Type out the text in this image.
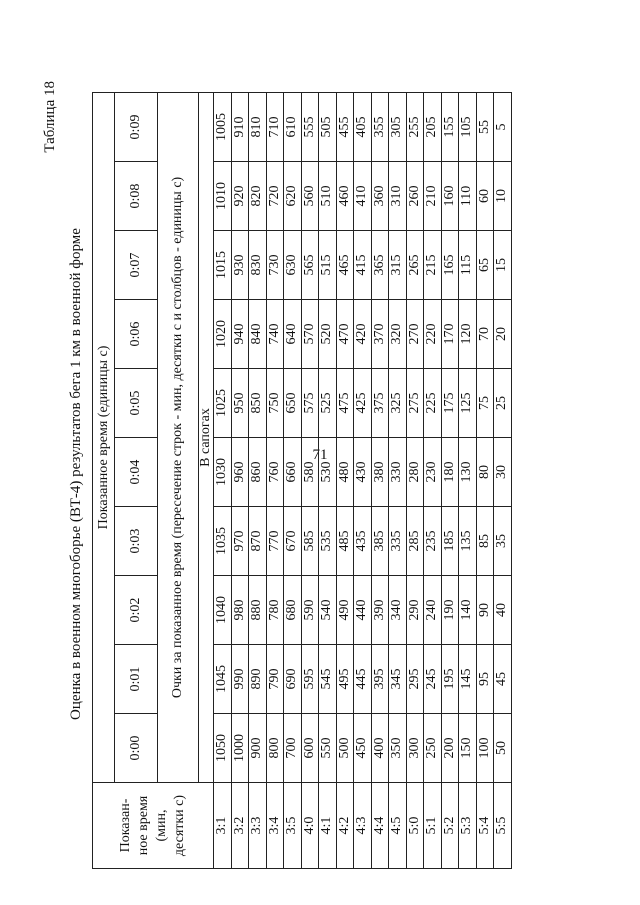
71
Таблица 18
Оценка в военном многоборье (ВТ-4) результатов бега 1 км в военной форме
Показан- ное время (мин, десятки с)	Показанное время (единицы с)									
	0:00	0:01	0:02	0:03	0:04	0:05	0:06	0:07	0:08	0:09
	Очки за показанное время (пересечение строк - мин, десятки с и столбцов - единицы с)									
	В сапогах									
3:1	1050	1045	1040	1035	1030	1025	1020	1015	1010	1005
3:2	1000	990	980	970	960	950	940	930	920	910
3:3	900	890	880	870	860	850	840	830	820	810
3:4	800	790	780	770	760	750	740	730	720	710
3:5	700	690	680	670	660	650	640	630	620	610
4:0	600	595	590	585	580	575	570	565	560	555
4:1	550	545	540	535	530	525	520	515	510	505
4:2	500	495	490	485	480	475	470	465	460	455
4:3	450	445	440	435	430	425	420	415	410	405
4:4	400	395	390	385	380	375	370	365	360	355
4:5	350	345	340	335	330	325	320	315	310	305
5:0	300	295	290	285	280	275	270	265	260	255
5:1	250	245	240	235	230	225	220	215	210	205
5:2	200	195	190	185	180	175	170	165	160	155
5:3	150	145	140	135	130	125	120	115	110	105
5:4	100	95	90	85	80	75	70	65	60	55
5:5	50	45	40	35	30	25	20	15	10	5
